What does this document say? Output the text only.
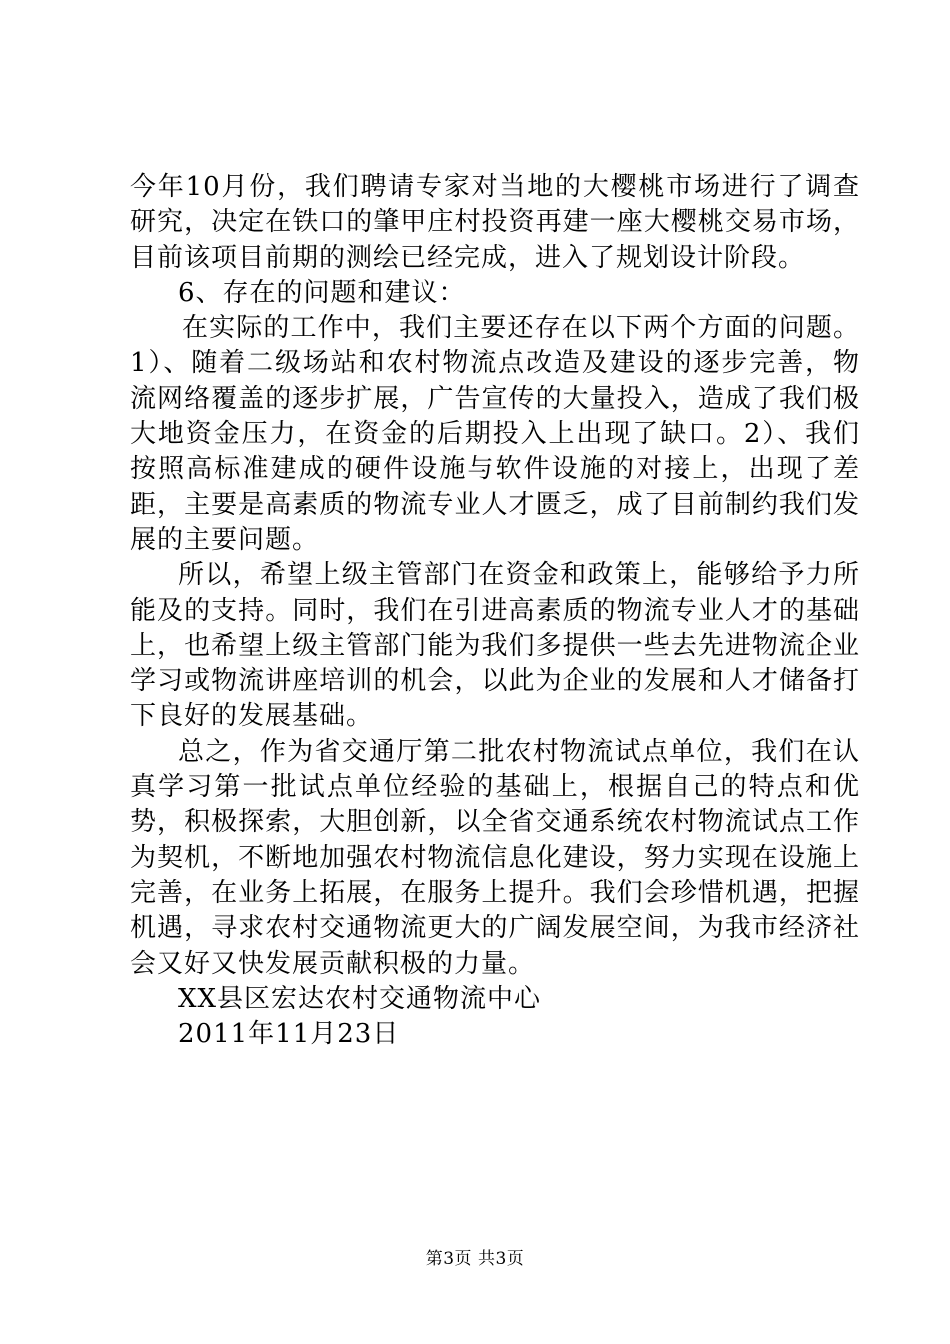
今年10月份，我们聘请专家对当地的大樱桃市场进行了调查研究，决定在铁口的肇甲庄村投资再建一座大樱桃交易市场，目前该项目前期的测绘已经完成，进入了规划设计阶段。

6、存在的问题和建议：

在实际的工作中，我们主要还存在以下两个方面的问题。1）、随着二级场站和农村物流点改造及建设的逐步完善，物流网络覆盖的逐步扩展，广告宣传的大量投入，造成了我们极大地资金压力，在资金的后期投入上出现了缺口。2）、我们按照高标准建成的硬件设施与软件设施的对接上，出现了差距，主要是高素质的物流专业人才匮乏，成了目前制约我们发展的主要问题。

所以，希望上级主管部门在资金和政策上，能够给予力所能及的支持。同时，我们在引进高素质的物流专业人才的基础上，也希望上级主管部门能为我们多提供一些去先进物流企业学习或物流讲座培训的机会，以此为企业的发展和人才储备打下良好的发展基础。

总之，作为省交通厅第二批农村物流试点单位，我们在认真学习第一批试点单位经验的基础上，根据自己的特点和优势，积极探索，大胆创新，以全省交通系统农村物流试点工作为契机，不断地加强农村物流信息化建设，努力实现在设施上完善，在业务上拓展，在服务上提升。我们会珍惜机遇，把握机遇，寻求农村交通物流更大的广阔发展空间，为我市经济社会又好又快发展贡献积极的力量。

XX县区宏达农村交通物流中心

2011年11月23日

第3页 共3页
